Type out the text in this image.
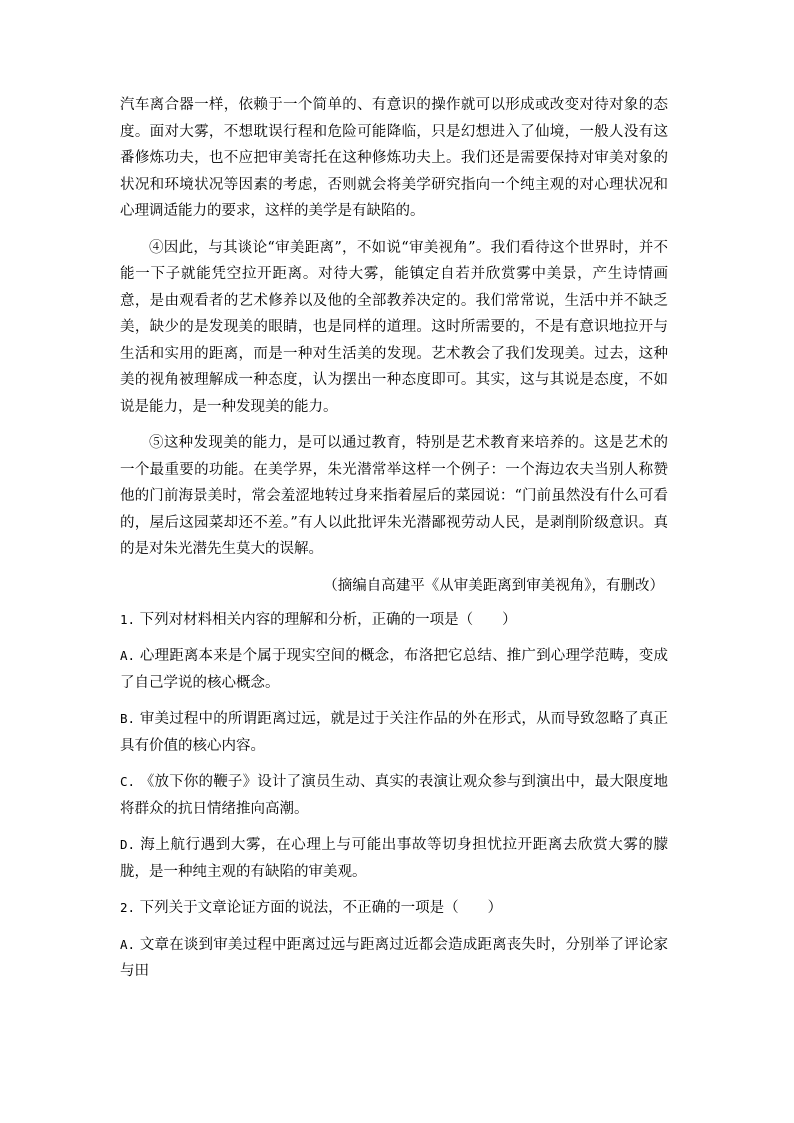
汽车离合器一样，依赖于一个简单的、有意识的操作就可以形成或改变对待对象的态度。面对大雾，不想耽误行程和危险可能降临，只是幻想进入了仙境，一般人没有这番修炼功夫，也不应把审美寄托在这种修炼功夫上。我们还是需要保持对审美对象的状况和环境状况等因素的考虑，否则就会将美学研究指向一个纯主观的对心理状况和心理调适能力的要求，这样的美学是有缺陷的。

④因此，与其谈论“审美距离”，不如说“审美视角”。我们看待这个世界时，并不能一下子就能凭空拉开距离。对待大雾，能镇定自若并欣赏雾中美景，产生诗情画意，是由观看者的艺术修养以及他的全部教养决定的。我们常常说，生活中并不缺乏美，缺少的是发现美的眼睛，也是同样的道理。这时所需要的，不是有意识地拉开与生活和实用的距离，而是一种对生活美的发现。艺术教会了我们发现美。过去，这种美的视角被理解成一种态度，认为摆出一种态度即可。其实，这与其说是态度，不如说是能力，是一种发现美的能力。

⑤这种发现美的能力，是可以通过教育，特别是艺术教育来培养的。这是艺术的一个最重要的功能。在美学界，朱光潜常举这样一个例子：一个海边农夫当别人称赞他的门前海景美时，常会羞涩地转过身来指着屋后的菜园说：“门前虽然没有什么可看的，屋后这园菜却还不差。”有人以此批评朱光潜鄙视劳动人民，是剥削阶级意识。真的是对朱光潜先生莫大的误解。

（摘编自高建平《从审美距离到审美视角》，有删改）
1. 下列对材料相关内容的理解和分析，正确的一项是（　　）
A. 心理距离本来是个属于现实空间的概念，布洛把它总结、推广到心理学范畴，变成了自己学说的核心概念。
B. 审美过程中的所谓距离过远，就是过于关注作品的外在形式，从而导致忽略了真正具有价值的核心内容。
C. 《放下你的鞭子》设计了演员生动、真实的表演让观众参与到演出中，最大限度地将群众的抗日情绪推向高潮。
D. 海上航行遇到大雾，在心理上与可能出事故等切身担忧拉开距离去欣赏大雾的朦胧，是一种纯主观的有缺陷的审美观。
2. 下列关于文章论证方面的说法，不正确的一项是（　　）
A. 文章在谈到审美过程中距离过远与距离过近都会造成距离丧失时，分别举了评论家与田
